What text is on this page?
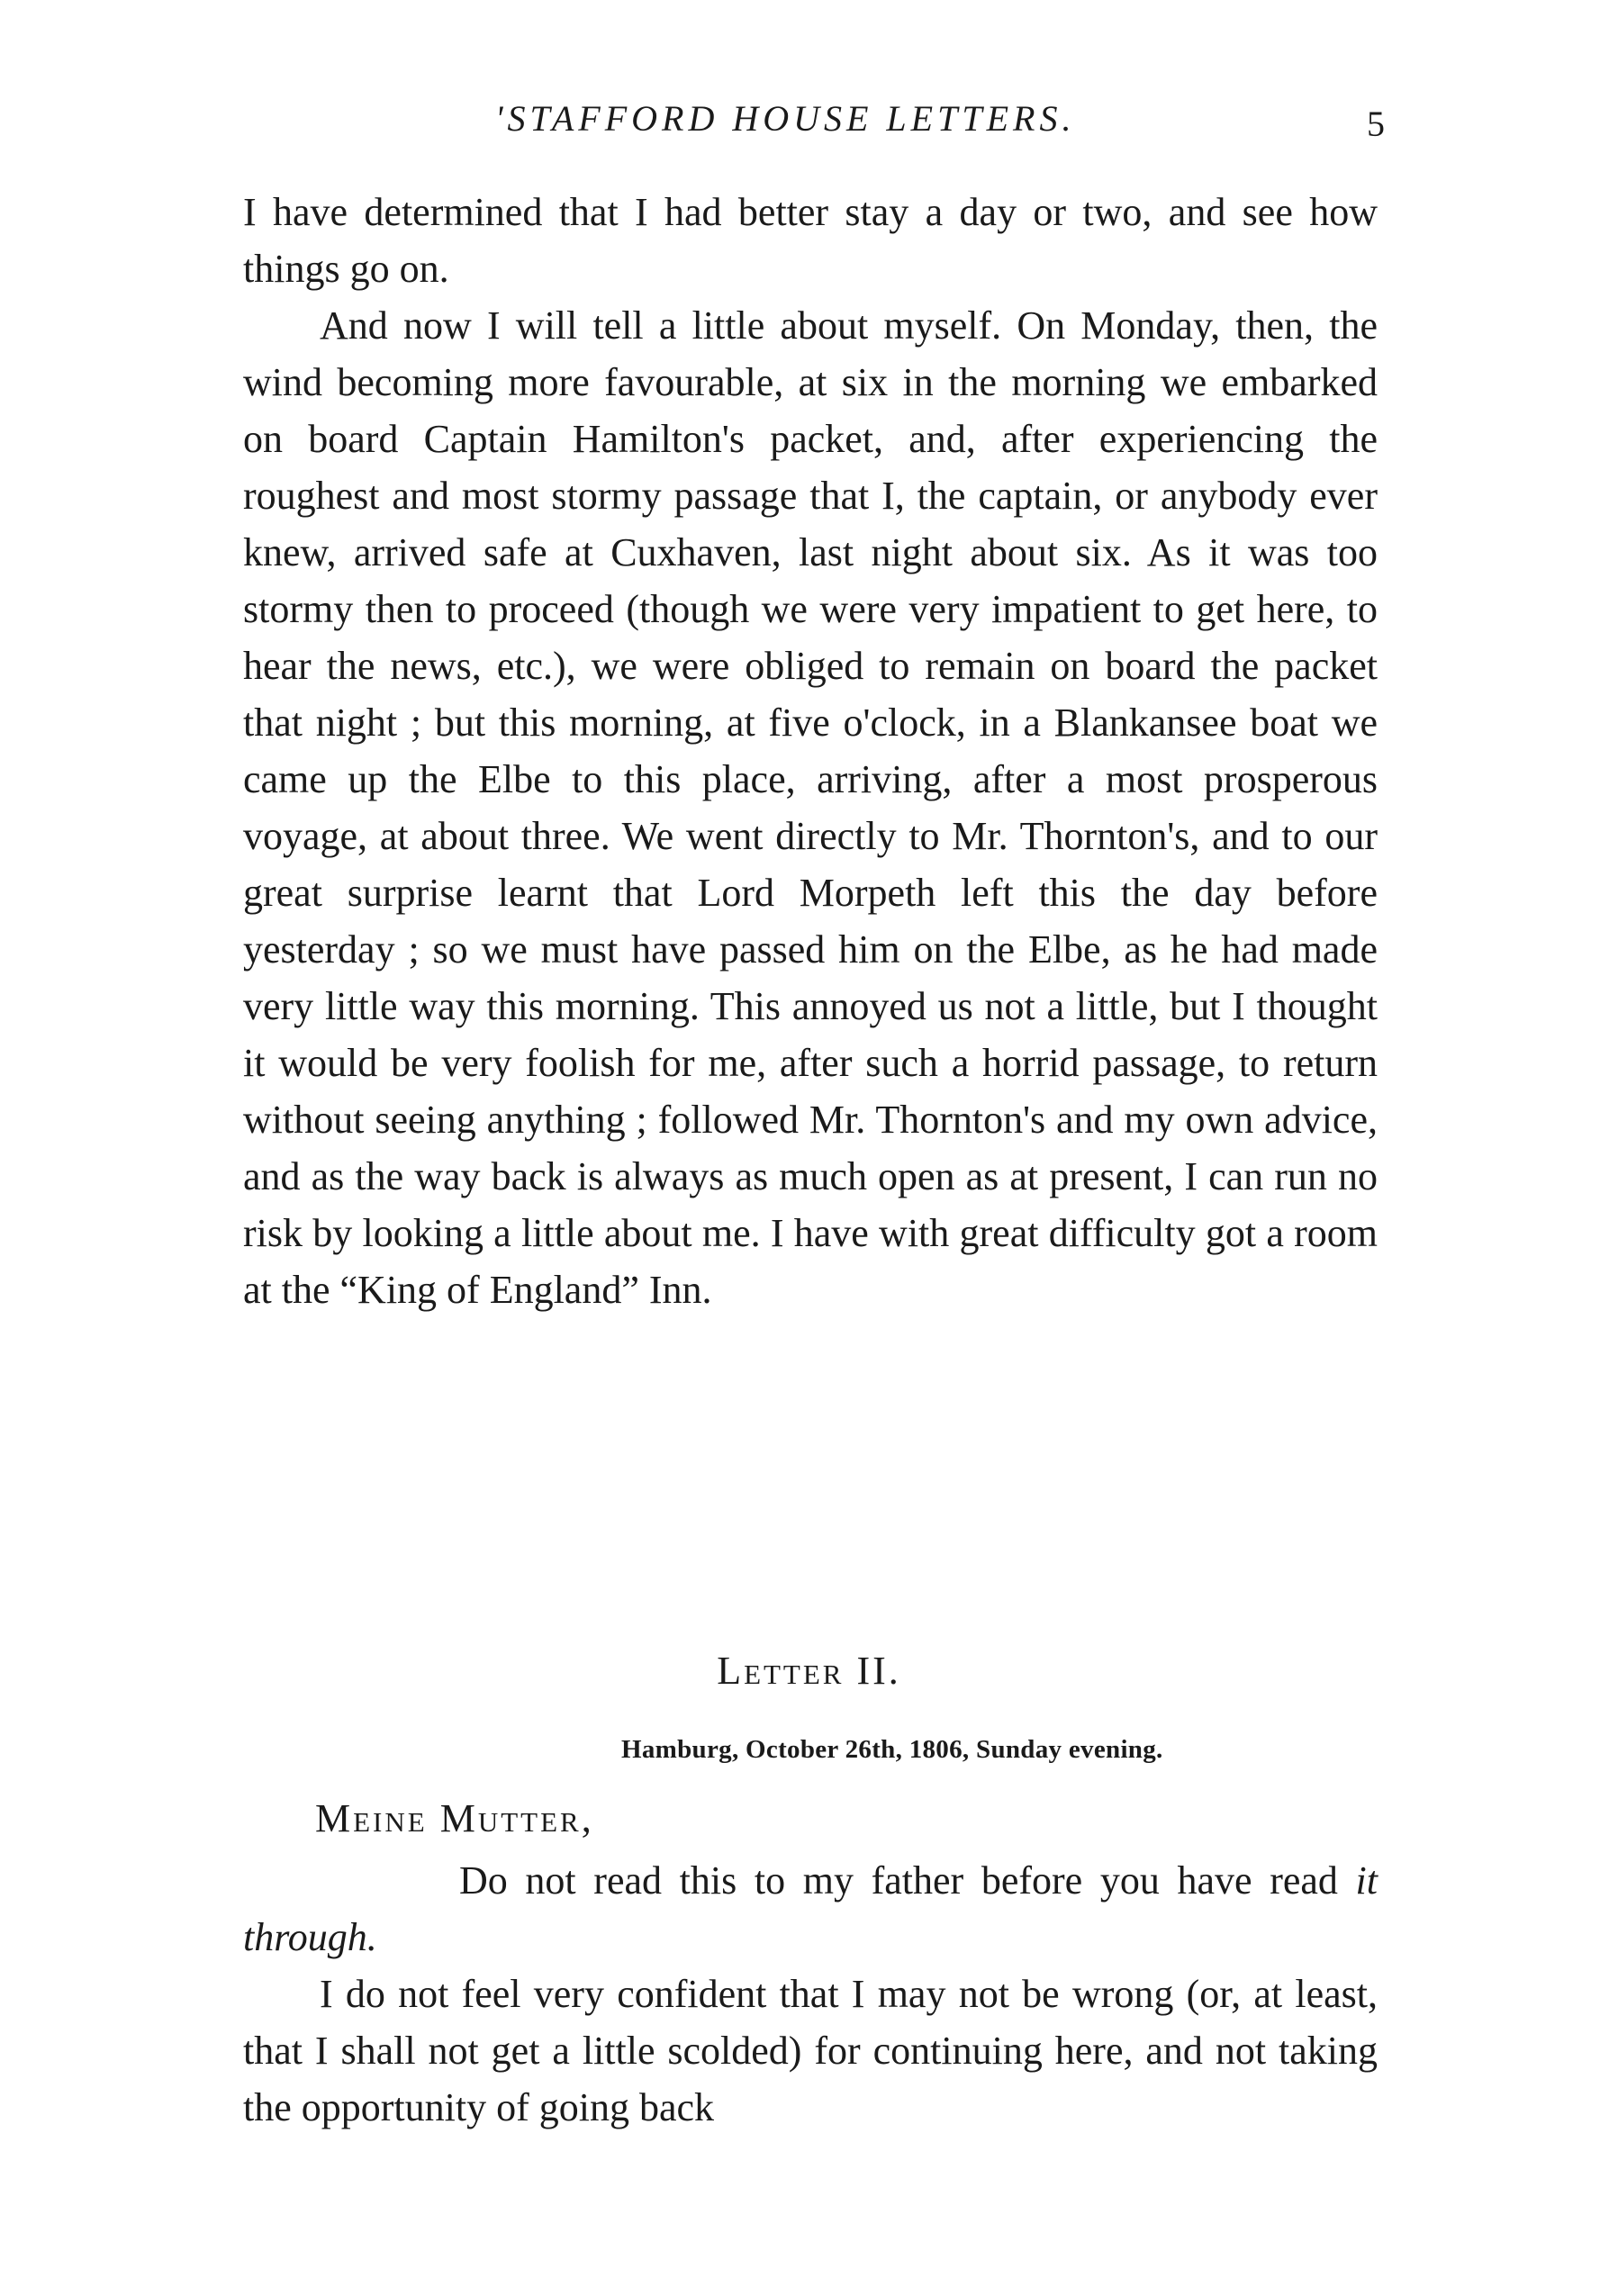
'STAFFORD HOUSE LETTERS.	5

I have determined that I had better stay a day or two, and see how things go on.

And now I will tell a little about myself. On Monday, then, the wind becoming more favourable, at six in the morning we embarked on board Captain Hamilton's packet, and, after experiencing the roughest and most stormy passage that I, the captain, or anybody ever knew, arrived safe at Cuxhaven, last night about six. As it was too stormy then to proceed (though we were very impatient to get here, to hear the news, etc.), we were obliged to remain on board the packet that night ; but this morning, at five o'clock, in a Blankansee boat we came up the Elbe to this place, arriving, after a most prosperous voyage, at about three. We went directly to Mr. Thornton's, and to our great surprise learnt that Lord Morpeth left this the day before yesterday ; so we must have passed him on the Elbe, as he had made very little way this morning. This annoyed us not a little, but I thought it would be very foolish for me, after such a horrid passage, to return without seeing anything ; followed Mr. Thornton's and my own advice, and as the way back is always as much open as at present, I can run no risk by looking a little about me. I have with great difficulty got a room at the “King of England” Inn.

Letter II.
Hamburg, October 26th, 1806, Sunday evening.
Meine Mutter,

Do not read this to my father before you have read it through.

I do not feel very confident that I may not be wrong (or, at least, that I shall not get a little scolded) for continuing here, and not taking the opportunity of going back
